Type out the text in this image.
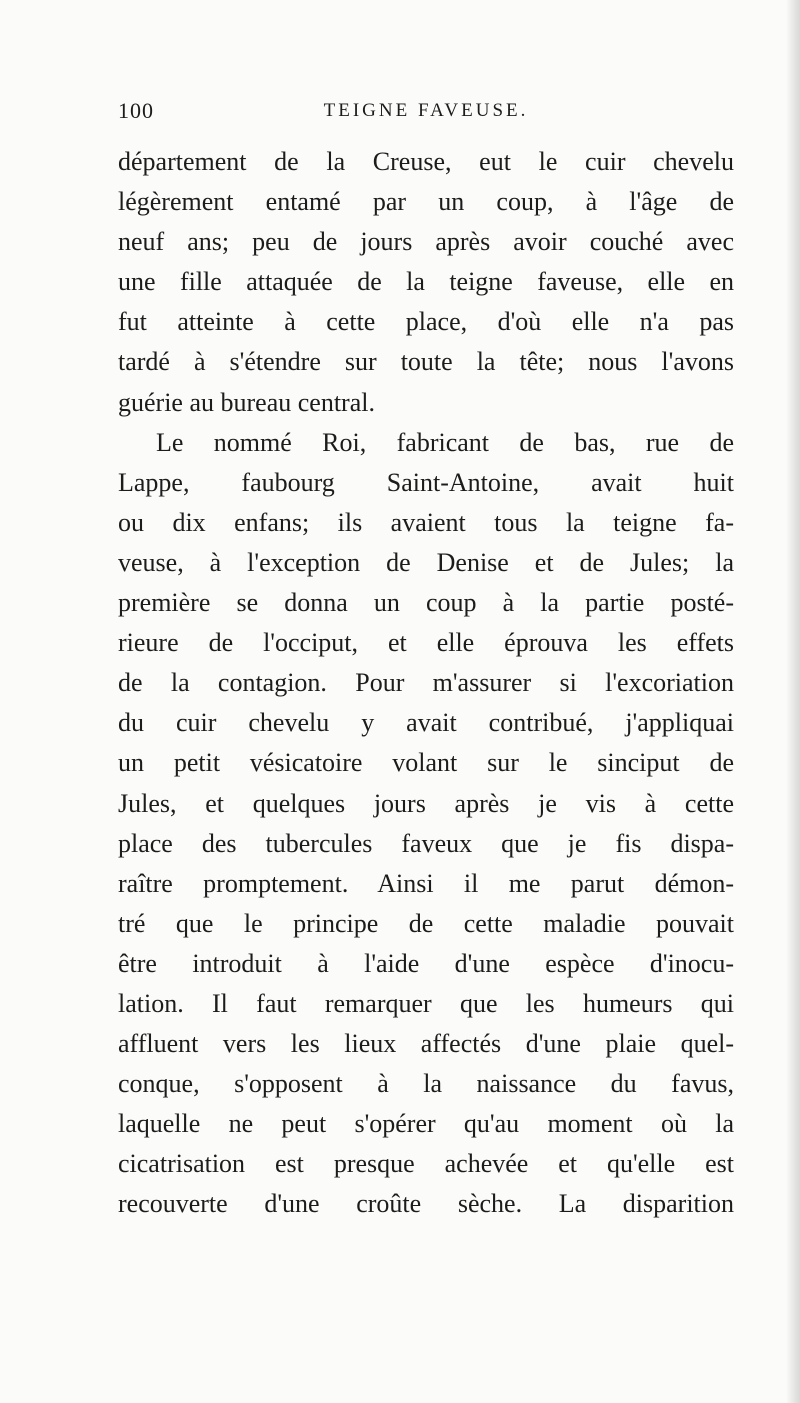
100	TEIGNE FAVEUSE.
département de la Creuse, eut le cuir chevelu
légèrement entamé par un coup, à l'âge de
neuf ans; peu de jours après avoir couché avec
une fille attaquée de la teigne faveuse, elle en
fut atteinte à cette place, d'où elle n'a pas
tardé à s'étendre sur toute la tête; nous l'avons
guérie au bureau central.
Le nommé Roi, fabricant de bas, rue de
Lappe, faubourg Saint-Antoine, avait huit
ou dix enfans; ils avaient tous la teigne fa-
veuse, à l'exception de Denise et de Jules; la
première se donna un coup à la partie posté-
rieure de l'occiput, et elle éprouva les effets
de la contagion. Pour m'assurer si l'excoriation
du cuir chevelu y avait contribué, j'appliquai
un petit vésicatoire volant sur le sinciput de
Jules, et quelques jours après je vis à cette
place des tubercules faveux que je fis dispa-
raître promptement. Ainsi il me parut démon-
tré que le principe de cette maladie pouvait
être introduit à l'aide d'une espèce d'inocu-
lation. Il faut remarquer que les humeurs qui
affluent vers les lieux affectés d'une plaie quel-
conque, s'opposent à la naissance du favus,
laquelle ne peut s'opérer qu'au moment où la
cicatrisation est presque achevée et qu'elle est
recouverte d'une croûte sèche. La disparition
